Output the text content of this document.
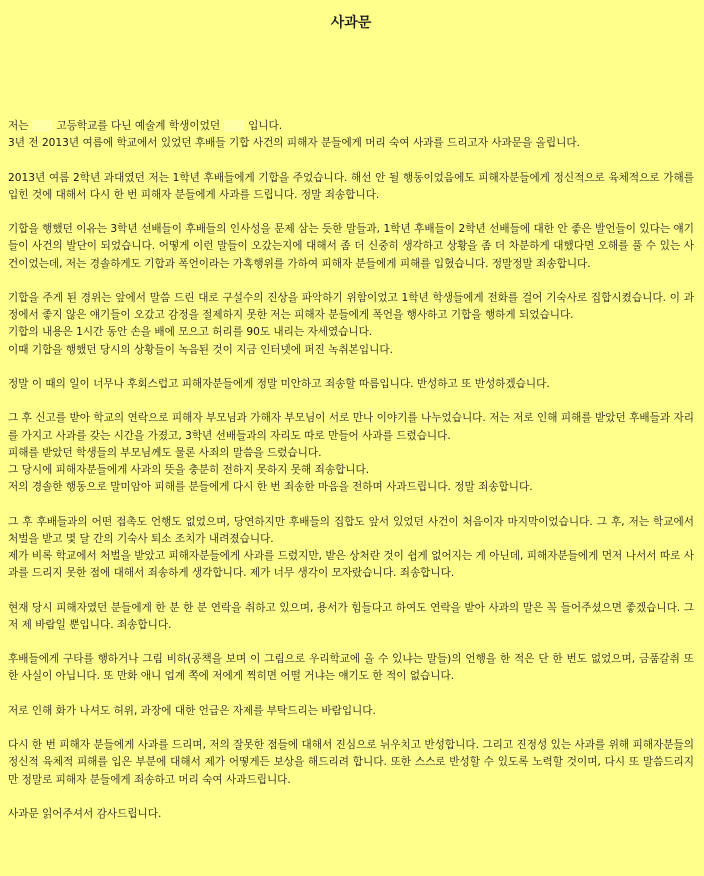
사과문
저는	고등학교를 다닌 예술계 학생이었던	입니다.
3년 전 2013년 여름에 학교에서 있었던 후배들 기합 사건의 피해자 분들에게 머리 숙여 사과를 드리고자 사과문을 올립니다.
2013년 여름 2학년 과대였던 저는 1학년 후배들에게 기합을 주었습니다. 해선 안 될 행동이었음에도 피해자분들에게 정신적으로 육체적으로 가해를 입힌 것에 대해서 다시 한 번 피해자 분들에게 사과를 드립니다. 정말 죄송합니다.
기합을 행했던 이유는 3학년 선배들이 후배들의 인사성을 문제 삼는 듯한 말들과, 1학년 후배들이 2학년 선배들에 대한 안 좋은 발언들이 있다는 얘기들이 사건의 발단이 되었습니다. 어떻게 이런 말들이 오갔는지에 대해서 좀 더 신중히 생각하고 상황을 좀 더 차분하게 대했다면 오해를 풀 수 있는 사건이었는데, 저는 경솔하게도 기합과 폭언이라는 가혹행위를 가하여 피해자 분들에게 피해를 입혔습니다. 정말정말 죄송합니다.
기합을 주게 된 경위는 앞에서 말씀 드린 대로 구설수의 진상을 파악하기 위함이었고 1학년 학생들에게 전화를 걸어 기숙사로 집합시켰습니다. 이 과정에서 좋지 않은 얘기들이 오갔고 감정을 절제하지 못한 저는 피해자 분들에게 폭언을 행사하고 기합을 행하게 되었습니다.
기합의 내용은 1시간 동안 손을 배에 모으고 허리를 90도 내리는 자세였습니다.
이때 기합을 행했던 당시의 상황들이 녹음된 것이 지금 인터넷에 퍼진 녹취본입니다.
정말 이 때의 일이 너무나 후회스럽고 피해자분들에게 정말 미안하고 죄송할 따름입니다. 반성하고 또 반성하겠습니다.
그 후 신고를 받아 학교의 연락으로 피해자 부모님과 가해자 부모님이 서로 만나 이야기를 나누었습니다. 저는 저로 인해 피해를 받았던 후배들과 자리를 가지고 사과를 갖는 시간을 가졌고, 3학년 선배들과의 자리도 따로 만들어 사과를 드렸습니다.
피해를 받았던 학생들의 부모님께도 물론 사죄의 말씀을 드렸습니다.
그 당시에 피해자분들에게 사과의 뜻을 충분히 전하지 못하지 못해 죄송합니다.
저의 경솔한 행동으로 말미암아 피해를 분들에게 다시 한 번 죄송한 마음을 전하며 사과드립니다. 정말 죄송합니다.
그 후 후배들과의 어떤 접촉도 언행도 없었으며, 당연하지만 후배들의 집합도 앞서 있었던 사건이 처음이자 마지막이었습니다. 그 후, 저는 학교에서 처벌을 받고 몇 달 간의 기숙사 퇴소 조치가 내려졌습니다.
제가 비록 학교에서 처벌을 받았고 피해자분들에게 사과를 드렸지만, 받은 상처란 것이 쉽게 없어지는 게 아닌데, 피해자분들에게 먼저 나서서 따로 사과를 드리지 못한 점에 대해서 죄송하게 생각합니다. 제가 너무 생각이 모자랐습니다. 죄송합니다.
현재 당시 피해자였던 분들에게 한 분 한 분 연락을 취하고 있으며, 용서가 힘들다고 하여도 연락을 받아 사과의 말은 꼭 들어주셨으면 좋겠습니다. 그저 제 바람일 뿐입니다. 죄송합니다.
후배들에게 구타를 행하거나 그림 비하(공책을 보며 이 그림으로 우리학교에 올 수 있냐는 말들)의 언행을 한 적은 단 한 번도 없었으며, 금품갈취 또한 사실이 아닙니다. 또 만화 애니 업계 쪽에 저에게 찍히면 어떨 거냐는 얘기도 한 적이 없습니다.
저로 인해 화가 나셔도 허위, 과장에 대한 언급은 자제를 부탁드리는 바람입니다.
다시 한 번 피해자 분들에게 사과를 드리며, 저의 잘못한 점들에 대해서 진심으로 뉘우치고 반성합니다. 그리고 진정성 있는 사과를 위해 피해자분들의 정신적 육체적 피해를 입은 부분에 대해서 제가 어떻게든 보상을 해드리려 합니다. 또한 스스로 반성할 수 있도록 노력할 것이며, 다시 또 말씀드리지만 정말로 피해자 분들에게 죄송하고 머리 숙여 사과드립니다.
사과문 읽어주셔서 감사드립니다.
